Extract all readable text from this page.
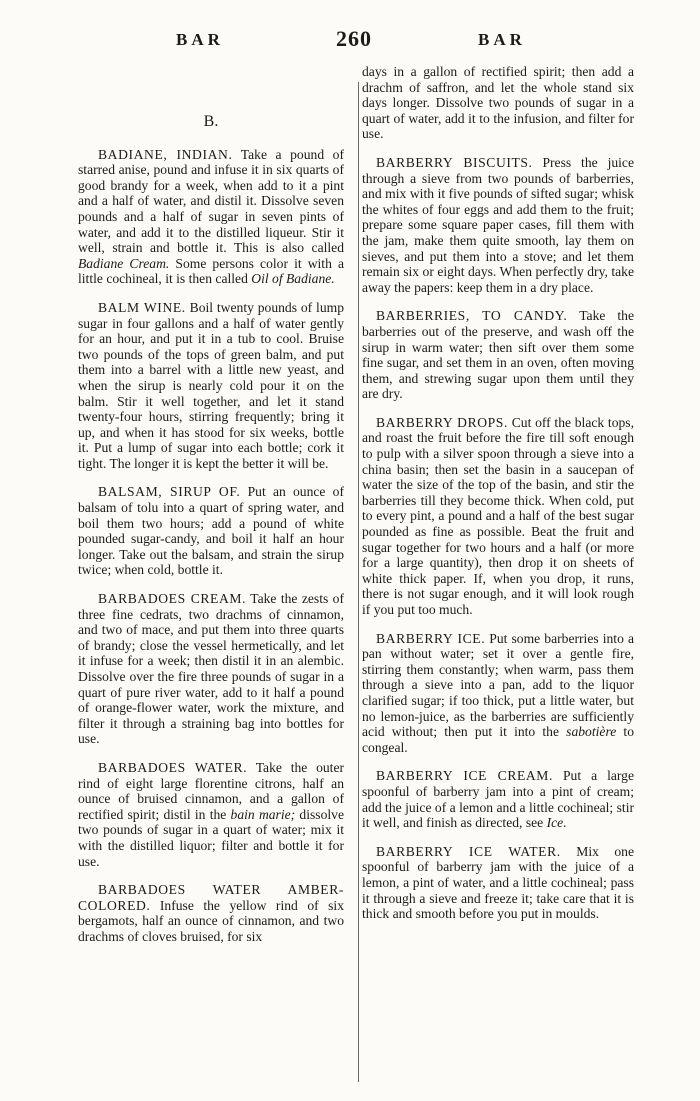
BAR	260	BAR
B.

BADIANE, INDIAN. Take a pound of starred anise, pound and infuse it in six quarts of good brandy for a week, when add to it a pint and a half of water, and distil it. Dissolve seven pounds and a half of sugar in seven pints of water, and add it to the distilled liqueur. Stir it well, strain and bottle it. This is also called Badiane Cream. Some persons color it with a little cochineal, it is then called Oil of Badiane.

BALM WINE. Boil twenty pounds of lump sugar in four gallons and a half of water gently for an hour, and put it in a tub to cool. Bruise two pounds of the tops of green balm, and put them into a barrel with a little new yeast, and when the sirup is nearly cold pour it on the balm. Stir it well together, and let it stand twenty-four hours, stirring frequently; bring it up, and when it has stood for six weeks, bottle it. Put a lump of sugar into each bottle; cork it tight. The longer it is kept the better it will be.

BALSAM, SIRUP OF. Put an ounce of balsam of tolu into a quart of spring water, and boil them two hours; add a pound of white pounded sugar-candy, and boil it half an hour longer. Take out the balsam, and strain the sirup twice; when cold, bottle it.

BARBADOES CREAM. Take the zests of three fine cedrats, two drachms of cinnamon, and two of mace, and put them into three quarts of brandy; close the vessel hermetically, and let it infuse for a week; then distil it in an alembic. Dissolve over the fire three pounds of sugar in a quart of pure river water, add to it half a pound of orange-flower water, work the mixture, and filter it through a straining bag into bottles for use.

BARBADOES WATER. Take the outer rind of eight large florentine citrons, half an ounce of bruised cinnamon, and a gallon of rectified spirit; distil in the bain marie; dissolve two pounds of sugar in a quart of water; mix it with the distilled liquor; filter and bottle it for use.

BARBADOES WATER AMBER-COLORED. Infuse the yellow rind of six bergamots, half an ounce of cinnamon, and two drachms of cloves bruised, for six

days in a gallon of rectified spirit; then add a drachm of saffron, and let the whole stand six days longer. Dissolve two pounds of sugar in a quart of water, add it to the infusion, and filter for use.

BARBERRY BISCUITS. Press the juice through a sieve from two pounds of barberries, and mix with it five pounds of sifted sugar; whisk the whites of four eggs and add them to the fruit; prepare some square paper cases, fill them with the jam, make them quite smooth, lay them on sieves, and put them into a stove; and let them remain six or eight days. When perfectly dry, take away the papers: keep them in a dry place.

BARBERRIES, TO CANDY. Take the barberries out of the preserve, and wash off the sirup in warm water; then sift over them some fine sugar, and set them in an oven, often moving them, and strewing sugar upon them until they are dry.

BARBERRY DROPS. Cut off the black tops, and roast the fruit before the fire till soft enough to pulp with a silver spoon through a sieve into a china basin; then set the basin in a saucepan of water the size of the top of the basin, and stir the barberries till they become thick. When cold, put to every pint, a pound and a half of the best sugar pounded as fine as possible. Beat the fruit and sugar together for two hours and a half (or more for a large quantity), then drop it on sheets of white thick paper. If, when you drop, it runs, there is not sugar enough, and it will look rough if you put too much.

BARBERRY ICE. Put some barberries into a pan without water; set it over a gentle fire, stirring them constantly; when warm, pass them through a sieve into a pan, add to the liquor clarified sugar; if too thick, put a little water, but no lemon-juice, as the barberries are sufficiently acid without; then put it into the sabotière to congeal.

BARBERRY ICE CREAM. Put a large spoonful of barberry jam into a pint of cream; add the juice of a lemon and a little cochineal; stir it well, and finish as directed, see Ice.

BARBERRY ICE WATER. Mix one spoonful of barberry jam with the juice of a lemon, a pint of water, and a little cochineal; pass it through a sieve and freeze it; take care that it is thick and smooth before you put in moulds.
